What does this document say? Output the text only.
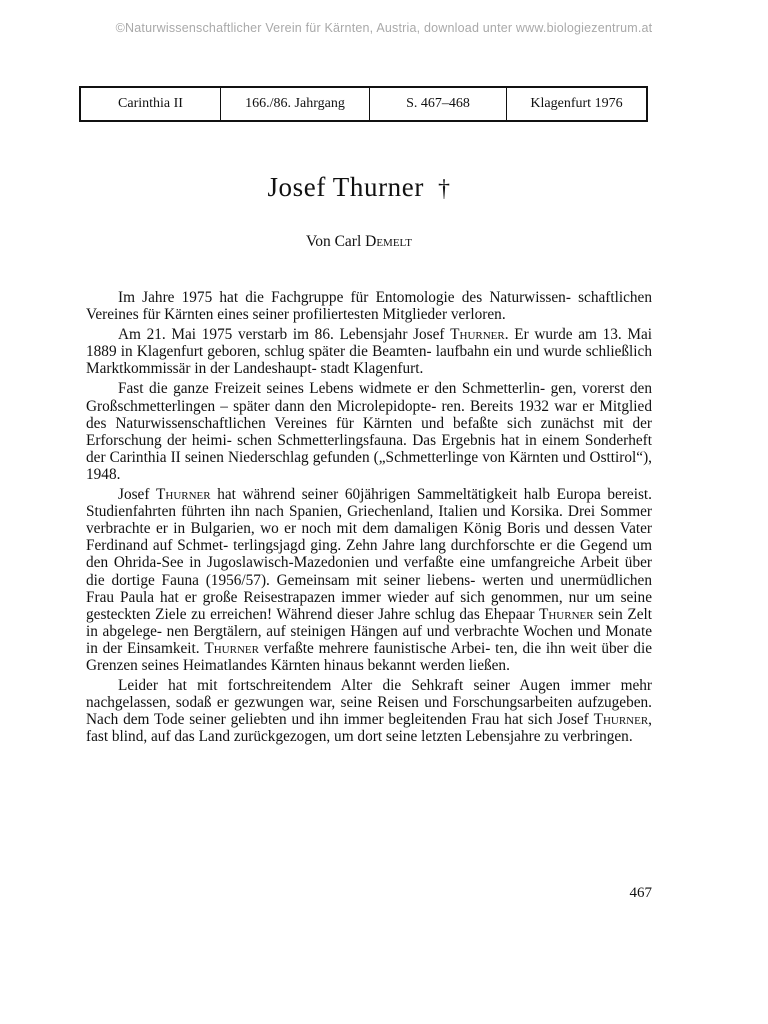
©Naturwissenschaftlicher Verein für Kärnten, Austria, download unter www.biologiezentrum.at
Carinthia II	166./86. Jahrgang	S. 467–468	Klagenfurt 1976
Josef Thurner †
Von Carl Demelt

Im Jahre 1975 hat die Fachgruppe für Entomologie des Naturwissen- schaftlichen Vereines für Kärnten eines seiner profiliertesten Mitglieder verloren.

Am 21. Mai 1975 verstarb im 86. Lebensjahr Josef Thurner. Er wurde am 13. Mai 1889 in Klagenfurt geboren, schlug später die Beamten- laufbahn ein und wurde schließlich Marktkommissär in der Landeshaupt- stadt Klagenfurt.

Fast die ganze Freizeit seines Lebens widmete er den Schmetterlin- gen, vorerst den Großschmetterlingen – später dann den Microlepidopte- ren. Bereits 1932 war er Mitglied des Naturwissenschaftlichen Vereines für Kärnten und befaßte sich zunächst mit der Erforschung der heimi- schen Schmetterlingsfauna. Das Ergebnis hat in einem Sonderheft der Carinthia II seinen Niederschlag gefunden („Schmetterlinge von Kärnten und Osttirol“), 1948.

Josef Thurner hat während seiner 60jährigen Sammeltätigkeit halb Europa bereist. Studienfahrten führten ihn nach Spanien, Griechenland, Italien und Korsika. Drei Sommer verbrachte er in Bulgarien, wo er noch mit dem damaligen König Boris und dessen Vater Ferdinand auf Schmet- terlingsjagd ging. Zehn Jahre lang durchforschte er die Gegend um den Ohrida-See in Jugoslawisch-Mazedonien und verfaßte eine umfangreiche Arbeit über die dortige Fauna (1956/57). Gemeinsam mit seiner liebens- werten und unermüdlichen Frau Paula hat er große Reisestrapazen immer wieder auf sich genommen, nur um seine gesteckten Ziele zu erreichen! Während dieser Jahre schlug das Ehepaar Thurner sein Zelt in abgelege- nen Bergtälern, auf steinigen Hängen auf und verbrachte Wochen und Monate in der Einsamkeit. Thurner verfaßte mehrere faunistische Arbei- ten, die ihn weit über die Grenzen seines Heimatlandes Kärnten hinaus bekannt werden ließen.

Leider hat mit fortschreitendem Alter die Sehkraft seiner Augen immer mehr nachgelassen, sodaß er gezwungen war, seine Reisen und Forschungsarbeiten aufzugeben. Nach dem Tode seiner geliebten und ihn immer begleitenden Frau hat sich Josef Thurner, fast blind, auf das Land zurückgezogen, um dort seine letzten Lebensjahre zu verbringen.

467
